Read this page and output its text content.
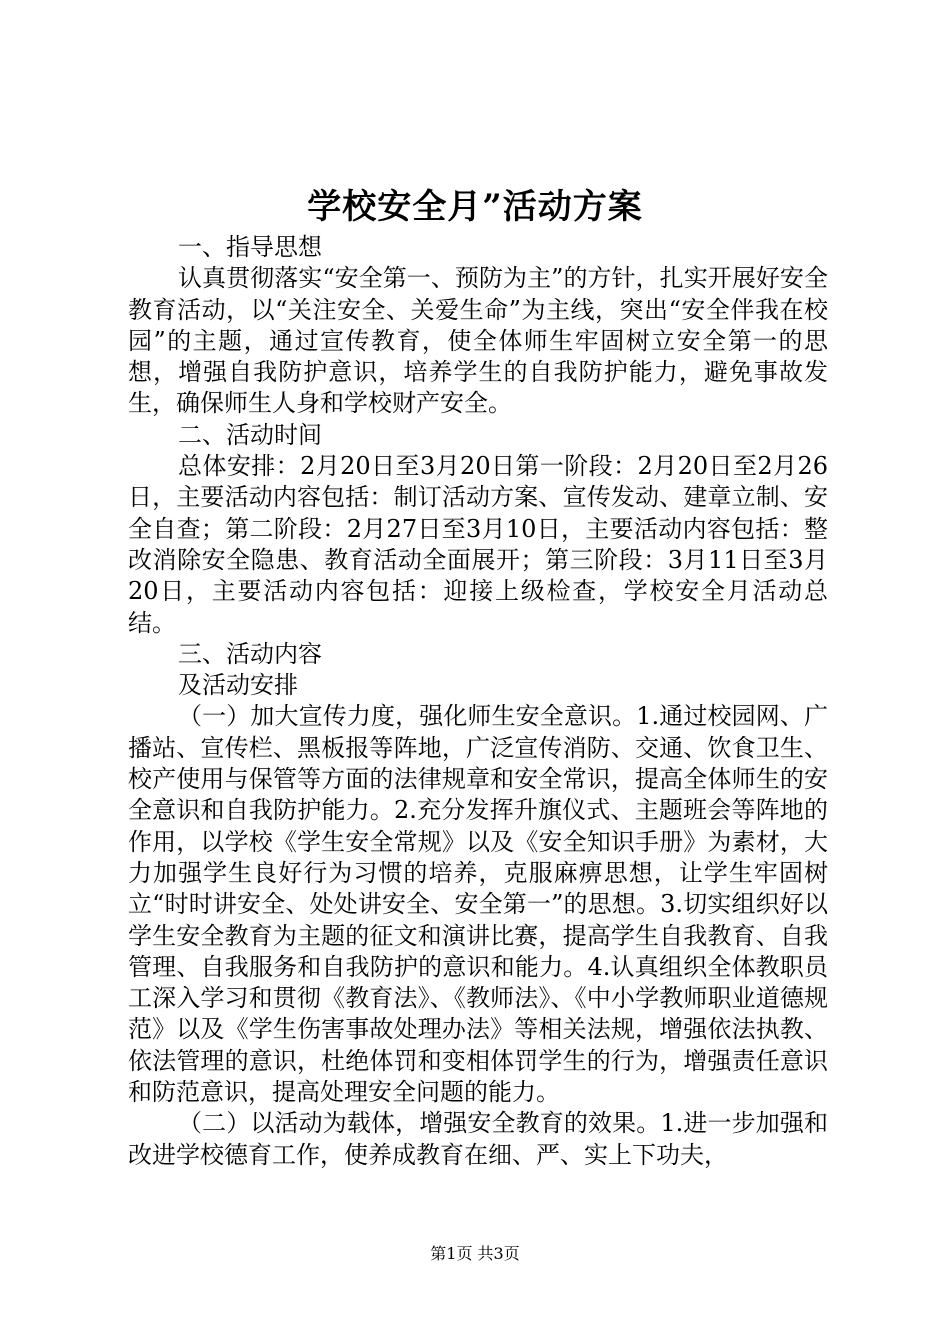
学校安全月”活动方案
一、指导思想

认真贯彻落实“安全第一、预防为主”的方针，扎实开展好安全教育活动，以“关注安全、关爱生命”为主线，突出“安全伴我在校园”的主题，通过宣传教育，使全体师生牢固树立安全第一的思想，增强自我防护意识，培养学生的自我防护能力，避免事故发生，确保师生人身和学校财产安全。

二、活动时间

总体安排：2月20日至3月20日第一阶段：2月20日至2月26日，主要活动内容包括：制订活动方案、宣传发动、建章立制、安全自查；第二阶段：2月27日至3月10日，主要活动内容包括：整改消除安全隐患、教育活动全面展开；第三阶段：3月11日至3月20日，主要活动内容包括：迎接上级检查，学校安全月活动总结。

三、活动内容
及活动安排

（一）加大宣传力度，强化师生安全意识。1.通过校园网、广播站、宣传栏、黑板报等阵地，广泛宣传消防、交通、饮食卫生、校产使用与保管等方面的法律规章和安全常识，提高全体师生的安全意识和自我防护能力。2.充分发挥升旗仪式、主题班会等阵地的作用，以学校《学生安全常规》以及《安全知识手册》为素材，大力加强学生良好行为习惯的培养，克服麻痹思想，让学生牢固树立“时时讲安全、处处讲安全、安全第一”的思想。3.切实组织好以学生安全教育为主题的征文和演讲比赛，提高学生自我教育、自我管理、自我服务和自我防护的意识和能力。4.认真组织全体教职员工深入学习和贯彻《教育法》、《教师法》、《中小学教师职业道德规范》以及《学生伤害事故处理办法》等相关法规，增强依法执教、依法管理的意识，杜绝体罚和变相体罚学生的行为，增强责任意识和防范意识，提高处理安全问题的能力。

（二）以活动为载体，增强安全教育的效果。1.进一步加强和改进学校德育工作，使养成教育在细、严、实上下功夫，

第1页 共3页
